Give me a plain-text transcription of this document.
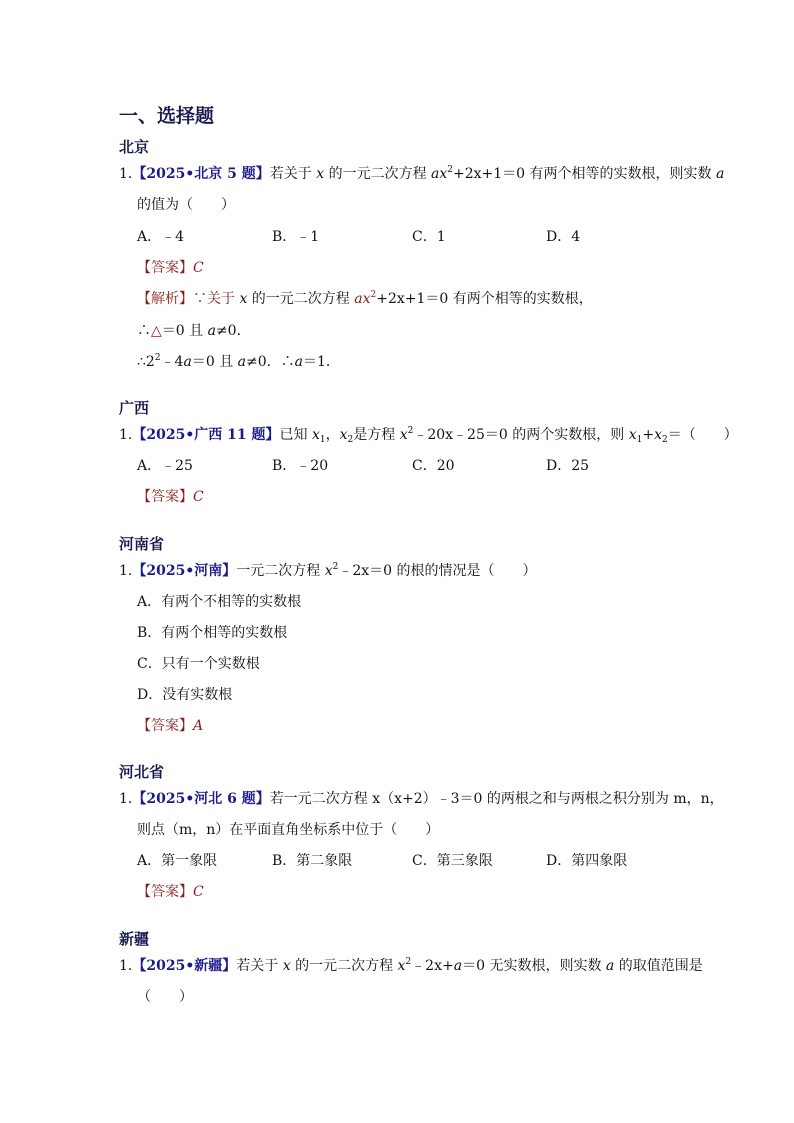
一、选择题
北京
1.【2025•北京 5 题】若关于 x 的一元二次方程 $ax^2+2x+1=0$ 有两个相等的实数根，则实数 a
的值为（　　）
A．﹣4	B．﹣1	C．1	D．4
【答案】C
【解析】∵关于 x 的一元二次方程 $ax^2+2x+1=0$ 有两个相等的实数根，
∴△＝0 且 a≠0．
$\therefore 2^2﹣4a=0$ 且 a≠0．∴a＝1．
广西
1.【2025•广西 11 题】已知 $x_1$，$x_2$是方程 $x^2﹣20x﹣25=0$ 的两个实数根，则 $x_1+x_2=$（　　）
A．﹣25	B．﹣20	C．20	D．25
【答案】C
河南省
1.【2025•河南】一元二次方程 $x^2﹣2x=0$ 的根的情况是（　　）
A．有两个不相等的实数根
B．有两个相等的实数根
C．只有一个实数根
D．没有实数根
【答案】A
河北省
1.【2025•河北 6 题】若一元二次方程 x（x+2）﹣3＝0 的两根之和与两根之积分别为 m，n，
则点（m，n）在平面直角坐标系中位于（　　）
A．第一象限	B．第二象限	C．第三象限	D．第四象限
【答案】C
新疆
1.【2025•新疆】若关于 x 的一元二次方程 $x^2﹣2x+a=0$ 无实数根，则实数 a 的取值范围是
（　　）
